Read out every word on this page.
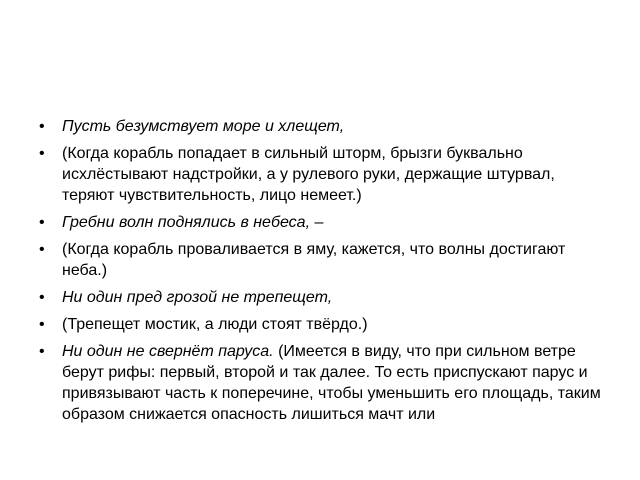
• Пусть безумствует море и хлещет,
• (Когда корабль попадает в сильный шторм, брызги буквально исхлёстывают надстройки, а у рулевого руки, держащие штурвал, теряют чувствительность, лицо немеет.)
• Гребни волн поднялись в небеса, –
• (Когда корабль проваливается в яму, кажется, что волны достигают неба.)
• Ни один пред грозой не трепещет,
• (Трепещет мостик, а люди стоят твёрдо.)
• Ни один не свернёт паруса. (Имеется в виду, что при сильном ветре берут рифы: первый, второй и так далее. То есть приспускают парус и привязывают часть к поперечине, чтобы уменьшить его площадь, таким образом снижается опасность лишиться мачт или
